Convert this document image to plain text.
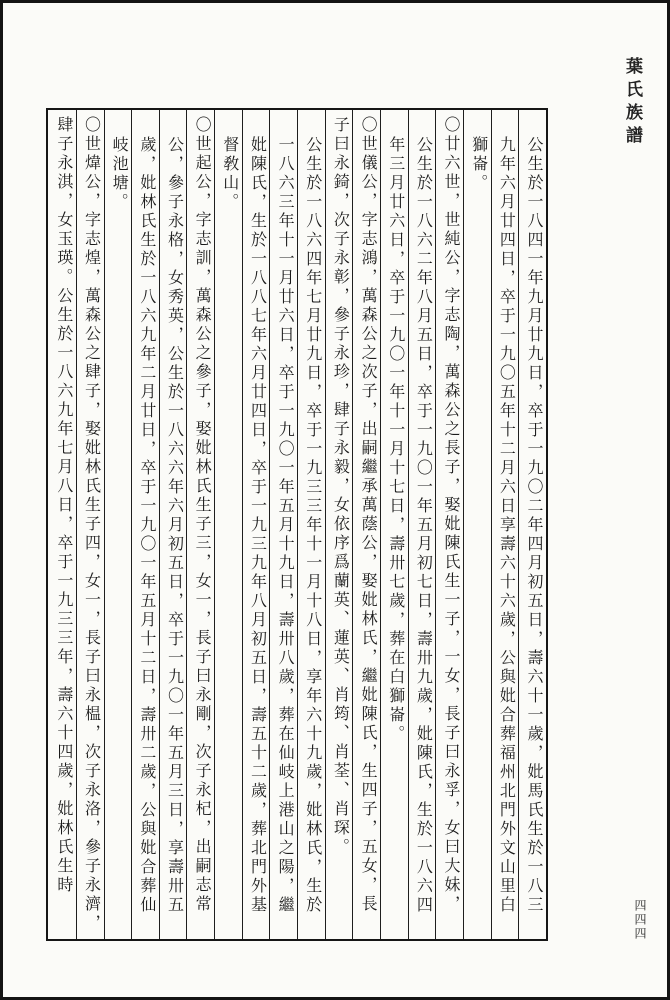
葉氏族譜
公生於一八四一年九月廿九日，卒于一九〇二年四月初五日，壽六十一歲，妣馬氏生於一八三
九年六月廿四日，卒于一九〇五年十二月六日享壽六十六歲，公與妣合葬福州北門外文山里白
獅崙。
〇廿六世，世純公，字志陶，萬森公之長子，娶妣陳氏生一子，一女，長子曰永孚，女曰大妹，
公生於一八六二年八月五日，卒于一九〇一年五月初七日，壽卅九歲，妣陳氏，生於一八六四
年三月廿六日，卒于一九〇一年十一月十七日，壽卅七歲，葬在白獅崙。
〇世儀公，字志鴻，萬森公之次子，出嗣繼承萬蔭公，娶妣林氏，繼妣陳氏，生四子，五女，長
子曰永錡，次子永彰，參子永珍，肆子永毅，女依序爲蘭英、蓮英、肖筠、肖荃、肖琛。
公生於一八六四年七月廿九日，卒于一九三三年十一月十八日，享年六十九歲，妣林氏，生於
一八六三年十一月廿六日，卒于一九〇一年五月十九日，壽卅八歲，葬在仙岐上港山之陽，繼
妣陳氏，生於一八八七年六月廿四日，卒于一九三九年八月初五日，壽五十二歲，葬北門外基
督敎山。
〇世起公，字志訓，萬森公之參子，娶妣林氏生子三，女一，長子曰永剛，次子永杞，出嗣志常
公，參子永格，女秀英，公生於一八六六年六月初五日，卒于一九〇一年五月三日，享壽卅五
歲，妣林氏生於一八六九年二月廿日，卒于一九〇一年五月十二日，壽卅二歲，公與妣合葬仙
岐池塘。
〇世煒公，字志煌，萬森公之肆子，娶妣林氏生子四，女一，長子曰永榅，次子永洛，參子永濟，
肆子永淇，女玉瑛。公生於一八六九年七月八日，卒于一九三三年，壽六十四歲，妣林氏生時
四四四
